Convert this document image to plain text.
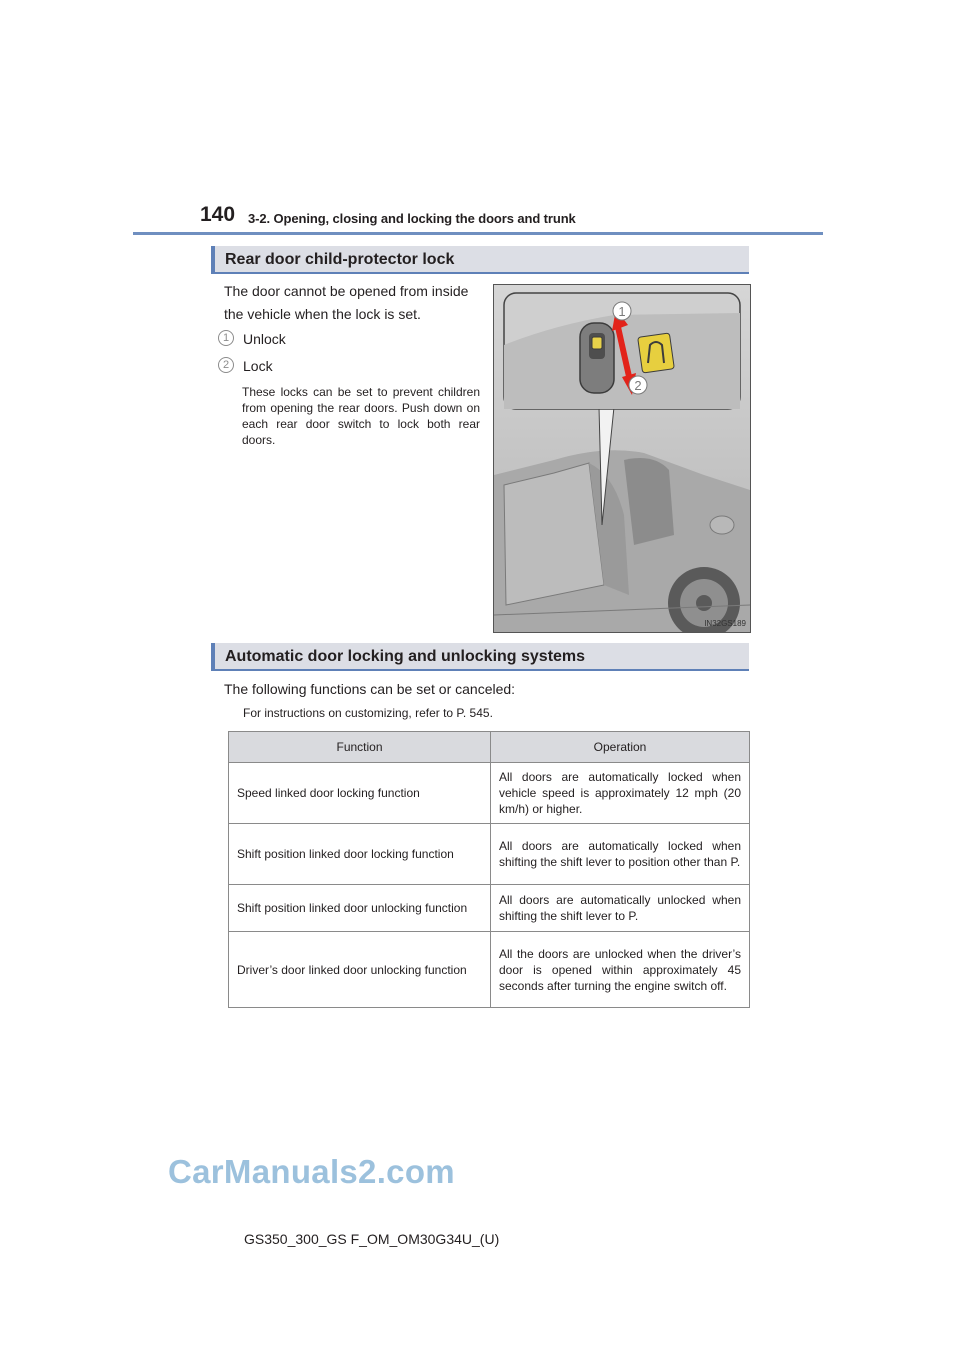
140 3-2. Opening, closing and locking the doors and trunk
Rear door child-protector lock
The door cannot be opened from inside the vehicle when the lock is set.
1 Unlock
2 Lock
These locks can be set to prevent children from opening the rear doors. Push down on each rear door switch to lock both rear doors.
1
2
IN32GS189
Automatic door locking and unlocking systems
The following functions can be set or canceled:
For instructions on customizing, refer to P. 545.
Function	Operation
Speed linked door locking function	All doors are automatically locked when vehicle speed is approximately 12 mph (20 km/h) or higher.
Shift position linked door locking function	All doors are automatically locked when shifting the shift lever to position other than P.
Shift position linked door unlocking function	All doors are automatically unlocked when shifting the shift lever to P.
Driver’s door linked door unlocking function	All the doors are unlocked when the driver’s door is opened within approximately 45 seconds after turning the engine switch off.
CarManuals2.com
GS350_300_GS F_OM_OM30G34U_(U)
